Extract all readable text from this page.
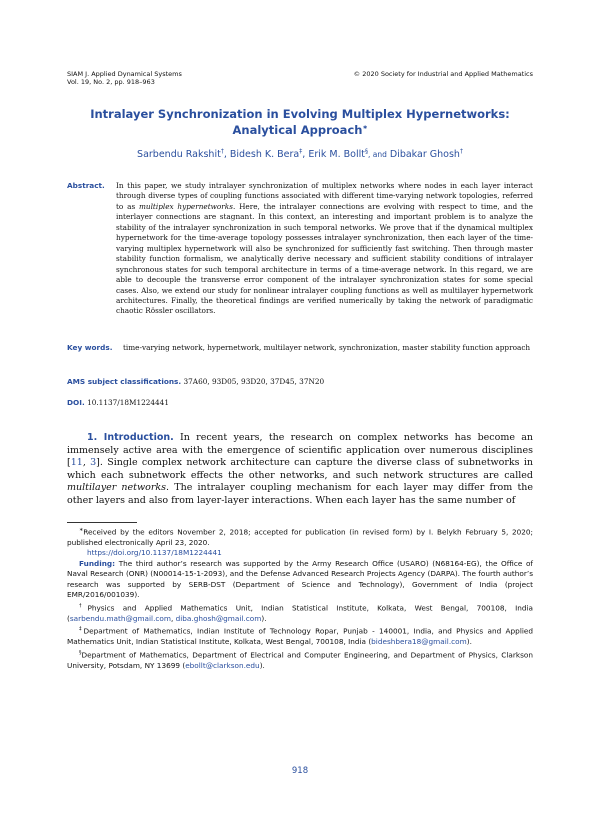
SIAM J. Applied Dynamical Systems
Vol. 19, No. 2, pp. 918–963
© 2020 Society for Industrial and Applied Mathematics
Intralayer Synchronization in Evolving Multiplex Hypernetworks: Analytical Approach∗
Sarbendu Rakshit†, Bidesh K. Bera‡, Erik M. Bollt§, and Dibakar Ghosh†
Abstract. In this paper, we study intralayer synchronization of multiplex networks where nodes in each layer interact through diverse types of coupling functions associated with different time-varying network topologies, referred to as multiplex hypernetworks. Here, the intralayer connections are evolving with respect to time, and the interlayer connections are stagnant. In this context, an interesting and important problem is to analyze the stability of the intralayer synchronization in such temporal networks. We prove that if the dynamical multiplex hypernetwork for the time-average topology possesses intralayer synchronization, then each layer of the time-varying multiplex hypernetwork will also be synchronized for sufficiently fast switching. Then through master stability function formalism, we analytically derive necessary and sufficient stability conditions of intralayer synchronous states for such temporal architecture in terms of a time-average network. In this regard, we are able to decouple the transverse error component of the intralayer synchronization states for some special cases. Also, we extend our study for nonlinear intralayer coupling functions as well as multilayer hypernetwork architectures. Finally, the theoretical findings are verified numerically by taking the network of paradigmatic chaotic Rössler oscillators.
Key words. time-varying network, hypernetwork, multilayer network, synchronization, master stability function approach
AMS subject classifications. 37A60, 93D05, 93D20, 37D45, 37N20
DOI. 10.1137/18M1224441
1. Introduction. In recent years, the research on complex networks has become an immensely active area with the emergence of scientific application over numerous disciplines [11, 3]. Single complex network architecture can capture the diverse class of subnetworks in which each subnetwork effects the other networks, and such network structures are called multilayer networks. The intralayer coupling mechanism for each layer may differ from the other layers and also from layer-layer interactions. When each layer has the same number of

∗Received by the editors November 2, 2018; accepted for publication (in revised form) by I. Belykh February 5, 2020; published electronically April 23, 2020.

https://doi.org/10.1137/18M1224441

Funding: The third author’s research was supported by the Army Research Office (USARO) (N68164-EG), the Office of Naval Research (ONR) (N00014-15-1-2093), and the Defense Advanced Research Projects Agency (DARPA). The fourth author’s research was supported by SERB-DST (Department of Science and Technology), Government of India (project EMR/2016/001039).

†Physics and Applied Mathematics Unit, Indian Statistical Institute, Kolkata, West Bengal, 700108, India (sarbendu.math@gmail.com, diba.ghosh@gmail.com).

‡Department of Mathematics, Indian Institute of Technology Ropar, Punjab - 140001, India, and Physics and Applied Mathematics Unit, Indian Statistical Institute, Kolkata, West Bengal, 700108, India (bideshbera18@gmail.com).

§Department of Mathematics, Department of Electrical and Computer Engineering, and Department of Physics, Clarkson University, Potsdam, NY 13699 (ebollt@clarkson.edu).

918
